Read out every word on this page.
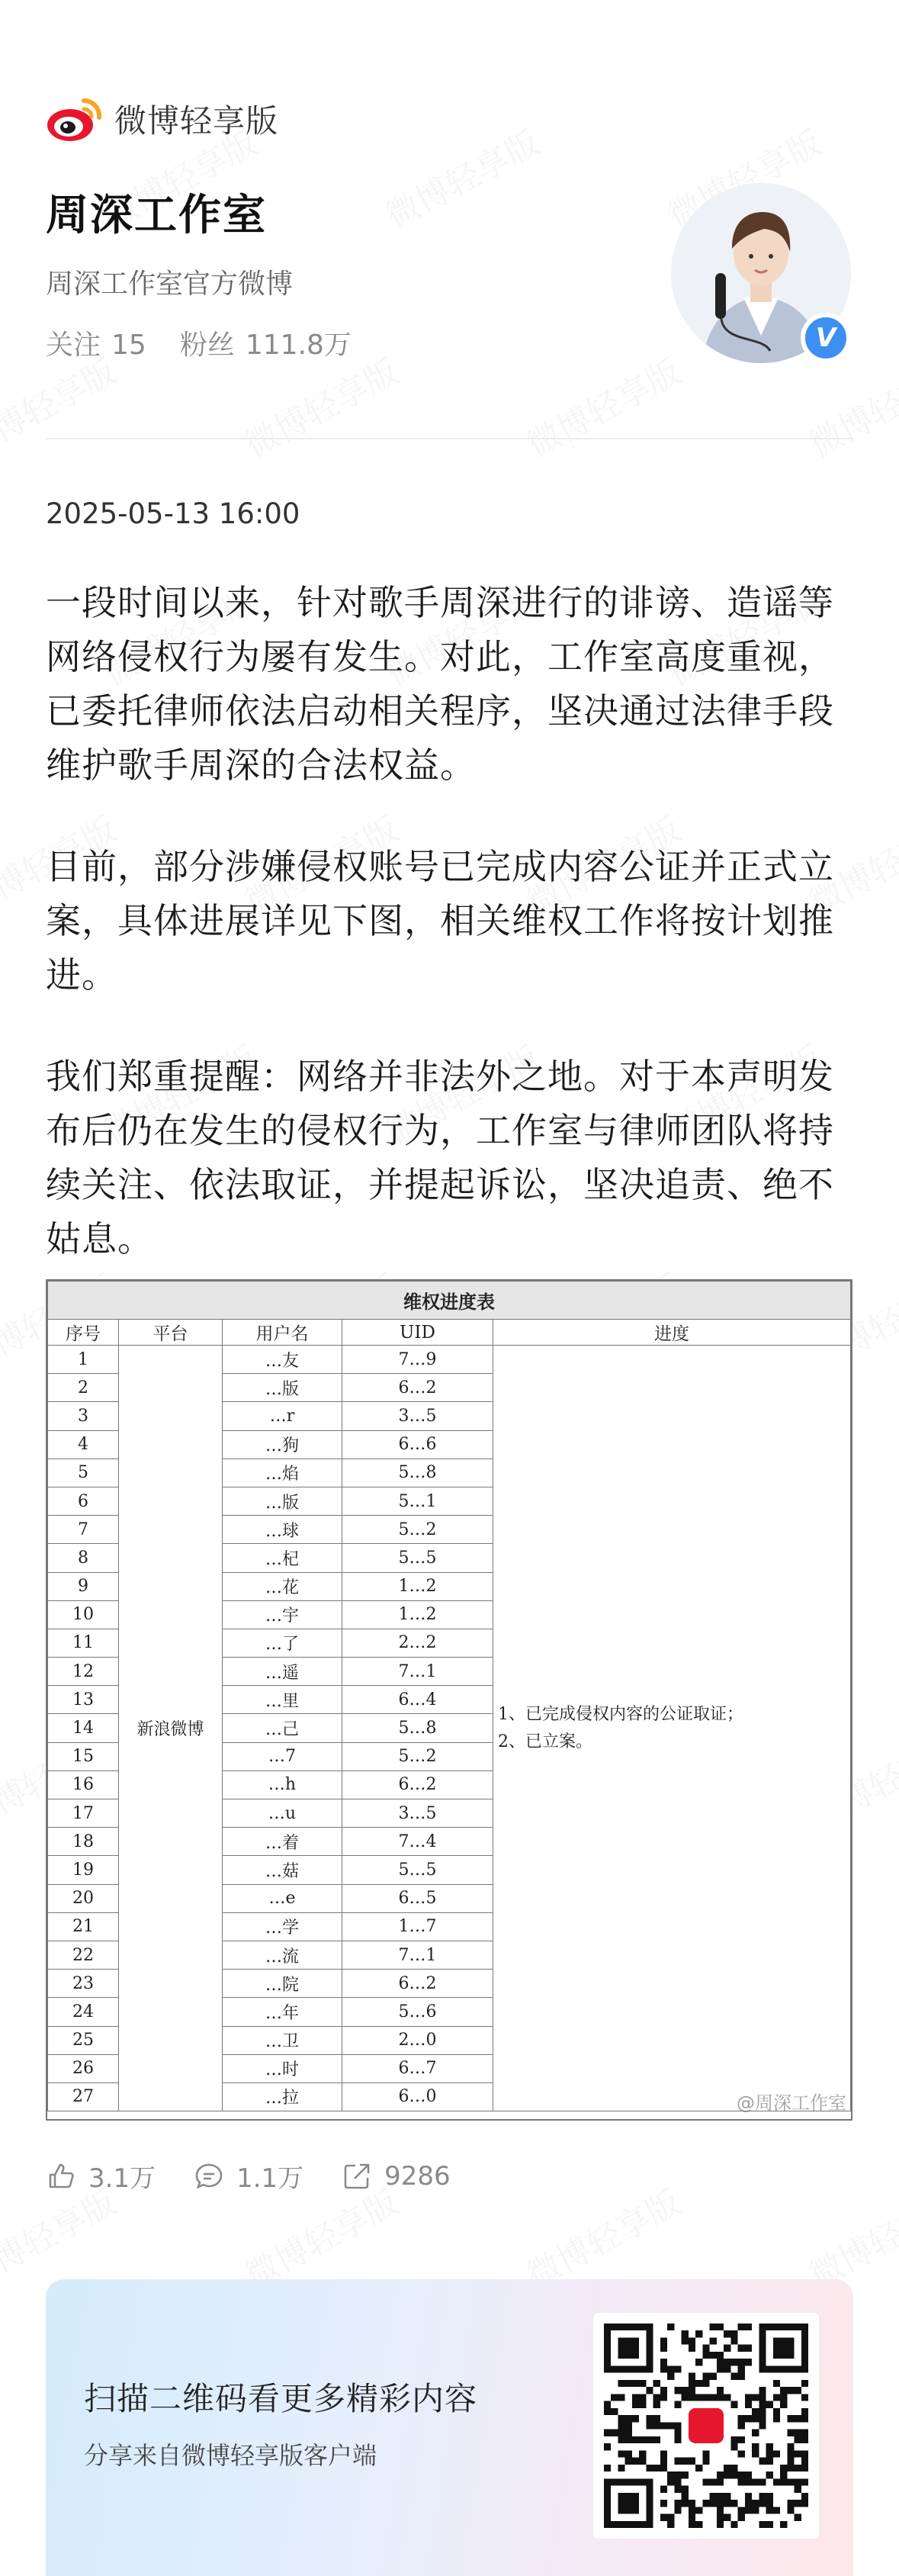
微博轻享版
周深工作室
周深工作室官方微博
关注 15 粉丝 111.8万	V
2025-05-13 16:00
一段时间以来，针对歌手周深进行的诽谤、造谣等网络侵权行为屡有发生。对此，工作室高度重视，已委托律师依法启动相关程序，坚决通过法律手段维护歌手周深的合法权益。
目前，部分涉嫌侵权账号已完成内容公证并正式立案，具体进展详见下图，相关维权工作将按计划推进。
我们郑重提醒：网络并非法外之地。对于本声明发布后仍在发生的侵权行为，工作室与律师团队将持续关注、依法取证，并提起诉讼，坚决追责、绝不姑息。
维权进度表				
序号	平台	用户名	UID	进度
1	新浪微博	…友	7…9	1、已完成侵权内容的公证取证；
2、已立案。

2		…版	6…2	
3		…r	3…5	
4		…狗	6…6	
5		…焰	5…8	
6		…版	5…1	
7		…球	5…2	
8		…杞	5…5	
9		…花	1…2	
10		…宇	1…2	
11		…了	2…2	
12		…遥	7…1	
13		…里	6…4	
14		…己	5…8	
15		…7	5…2	
16		…h	6…2	
17		…u	3…5	
18		…着	7…4	
19		…菇	5…5	
20		…e	6…5	
21		…学	1…7	
22		…流	7…1	
23		…院	6…2	
24		…年	5…6	
25		…卫	2…0	
26		…时	6…7	
27		…拉	6…0		@周深工作室
3.1万	1.1万	9286
扫描二维码看更多精彩内容
分享来自微博轻享版客户端
